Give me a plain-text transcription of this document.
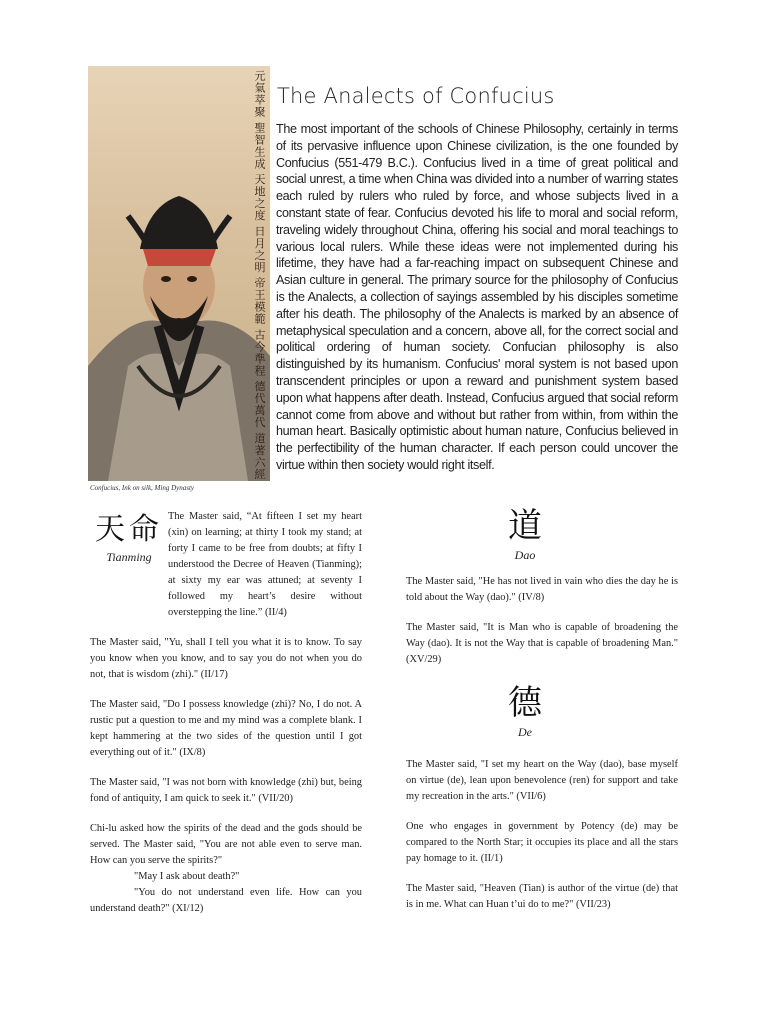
元氣萃聚 聖智生成 天地之度 日月之明 帝王模範 古今準程 德代萬代 道著六經
Confucius, Ink on silk, Ming Dynasty
The Analects of Confucius
The most important of the schools of Chinese Philosophy, certainly in terms of its pervasive influence upon Chinese civilization, is the one founded by Confucius (551-479 B.C.). Confucius lived in a time of great political and social unrest, a time when China was divided into a number of warring states each ruled by rulers who ruled by force, and whose subjects lived in a constant state of fear. Confucius devoted his life to moral and social reform, traveling widely throughout China, offering his social and moral teachings to various local rulers. While these ideas were not implemented during his lifetime, they have had a far-reaching impact on subsequent Chinese and Asian culture in general. The primary source for the philosophy of Confucius is the Analects, a collection of sayings assembled by his disciples sometime after his death. The philosophy of the Analects is marked by an absence of metaphysical speculation and a concern, above all, for the correct social and political ordering of human society. Confucian philosophy is also distinguished by its humanism. Confucius' moral system is not based upon transcendent principles or upon a reward and punishment system based upon what happens after death. Instead, Confucius argued that social reform cannot come from above and without but rather from within, from within the human heart. Basically optimistic about human nature, Confucius believed in the perfectibility of the human character. If each person could uncover the virtue within then society would right itself.
天命
Tianming

The Master said, “At fifteen I set my heart (xin) on learning; at thirty I took my stand; at forty I came to be free from doubts; at fifty I understood the Decree of Heaven (Tianming); at sixty my ear was attuned; at seventy I followed my heart’s desire without overstepping the line.” (II/4)

The Master said, "Yu, shall I tell you what it is to know. To say you know when you know, and to say you do not when you do not, that is wisdom (zhi)." (II/17)

The Master said, "Do I possess knowledge (zhi)? No, I do not. A rustic put a question to me and my mind was a complete blank. I kept hammering at the two sides of the question until I got everything out of it." (IX/8)

The Master said, "I was not born with knowledge (zhi) but, being fond of antiquity, I am quick to seek it." (VII/20)

Chi-lu asked how the spirits of the dead and the gods should be served. The Master said, "You are not able even to serve man. How can you serve the spirits?"
"May I ask about death?"
"You do not understand even life. How can you understand death?" (XI/12)

道
Dao

The Master said, "He has not lived in vain who dies the day he is told about the Way (dao)." (IV/8)

The Master said, "It is Man who is capable of broadening the Way (dao). It is not the Way that is capable of broadening Man." (XV/29)

德
De

The Master said, "I set my heart on the Way (dao), base myself on virtue (de), lean upon benevolence (ren) for support and take my recreation in the arts." (VII/6)

One who engages in government by Potency (de) may be compared to the North Star; it occupies its place and all the stars pay homage to it. (II/1)

The Master said, "Heaven (Tian) is author of the virtue (de) that is in me. What can Huan t’ui do to me?" (VII/23)
